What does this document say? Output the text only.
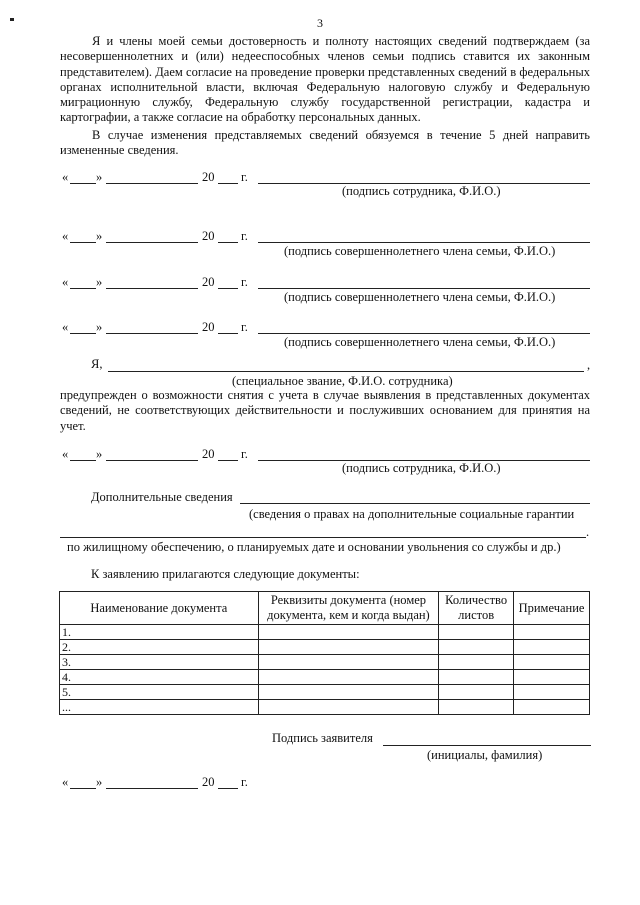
3
Я и члены моей семьи достоверность и полноту настоящих сведений подтверждаем (за несовершеннолетних и (или) недееспособных членов семьи подпись ставится их законным представителем). Даем согласие на проведение проверки представленных сведений в федеральных органах исполнительной власти, включая Федеральную налоговую службу и Федеральную миграционную службу, Федеральную службу государственной регистрации, кадастра и картографии, а также согласие на обработку персональных данных.
В случае изменения представляемых сведений обязуемся в течение 5 дней направить измененные сведения.
« »	20 г.
(подпись сотрудника, Ф.И.О.)
« »	20 г.
(подпись совершеннолетнего члена семьи, Ф.И.О.)
« »	20 г.
(подпись совершеннолетнего члена семьи, Ф.И.О.)
« »	20 г.
(подпись совершеннолетнего члена семьи, Ф.И.О.)
Я,	,
(специальное звание, Ф.И.О. сотрудника)
предупрежден о возможности снятия с учета в случае выявления в представленных документах сведений, не соответствующих действительности и послуживших основанием для принятия на учет.
« »	20 г.
(подпись сотрудника, Ф.И.О.)
Дополнительные сведения
(сведения о правах на дополнительные социальные гарантии
.
по жилищному обеспечению, о планируемых дате и основании увольнения со службы и др.)
К заявлению прилагаются следующие документы:
Наименование документа	Реквизиты документа (номер документа, кем и когда выдан)	Количество листов	Примечание
1.			
2.			
3.			
4.			
5.			
...			
Подпись заявителя
(инициалы, фамилия)
« »	20 г.
